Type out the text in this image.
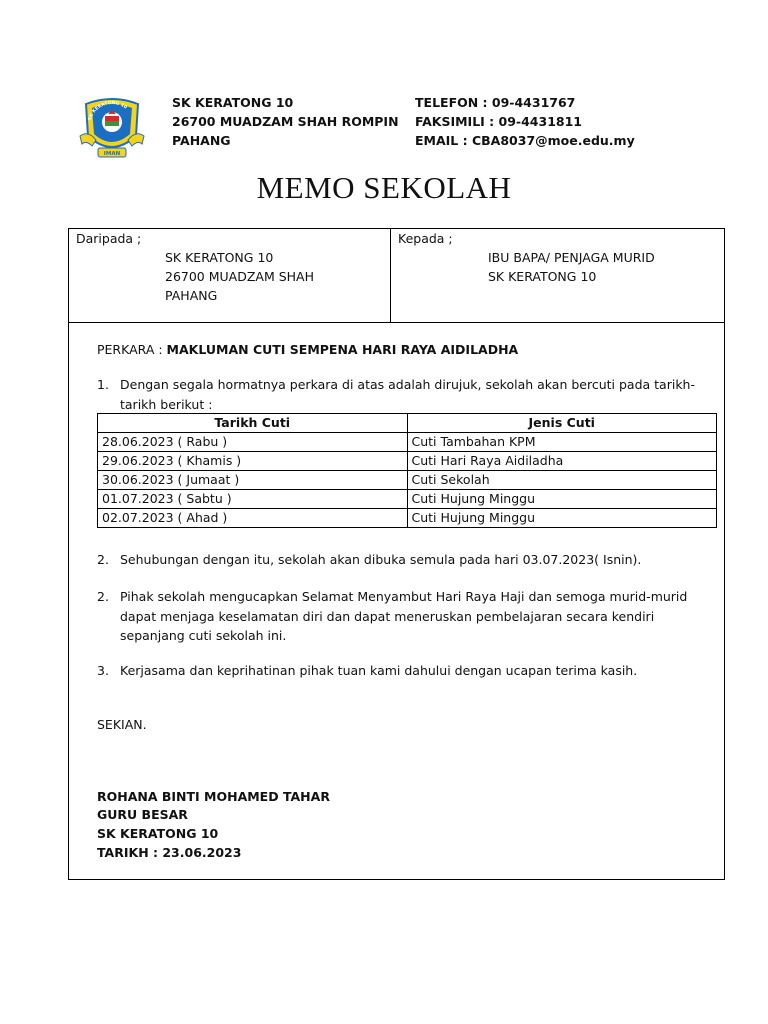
SK KERATONG 10
IMAN
SK KERATONG 10
26700 MUADZAM SHAH ROMPIN
PAHANG
TELEFON : 09-4431767
FAKSIMILI : 09-4431811
EMAIL : CBA8037@moe.edu.my
MEMO SEKOLAH
Daripada ;
SK KERATONG 10
26700 MUADZAM SHAH
PAHANG
Kepada ;
IBU BAPA/ PENJAGA MURID
SK KERATONG 10
PERKARA : MAKLUMAN CUTI SEMPENA HARI RAYA AIDILADHA
1. Dengan segala hormatnya perkara di atas adalah dirujuk, sekolah akan bercuti pada tarikh-tarikh berikut :
Tarikh Cuti	Jenis Cuti
28.06.2023 ( Rabu )	Cuti Tambahan KPM
29.06.2023 ( Khamis )	Cuti Hari Raya Aidiladha
30.06.2023 ( Jumaat )	Cuti Sekolah
01.07.2023 ( Sabtu )	Cuti Hujung Minggu
02.07.2023 ( Ahad )	Cuti Hujung Minggu
2. Sehubungan dengan itu, sekolah akan dibuka semula pada hari 03.07.2023( Isnin).
2. Pihak sekolah mengucapkan Selamat Menyambut Hari Raya Haji dan semoga murid-murid dapat menjaga keselamatan diri dan dapat meneruskan pembelajaran secara kendiri sepanjang cuti sekolah ini.
3. Kerjasama dan keprihatinan pihak tuan kami dahului dengan ucapan terima kasih.
SEKIAN.
ROHANA BINTI MOHAMED TAHAR
GURU BESAR
SK KERATONG 10
TARIKH : 23.06.2023
